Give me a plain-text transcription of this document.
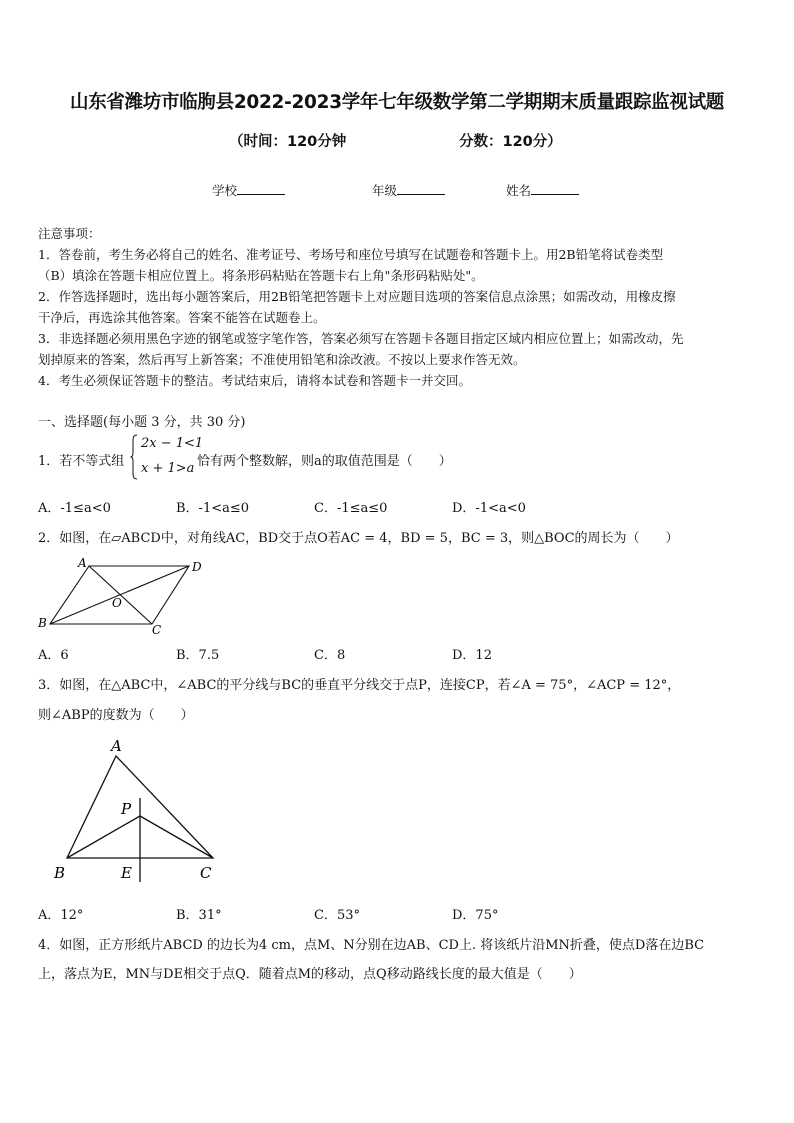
山东省潍坊市临朐县2022-2023学年七年级数学第二学期期末质量跟踪监视试题
（时间：120分钟	分数：120分）
学校	年级	姓名

注意事项：

1．答卷前，考生务必将自己的姓名、准考证号、考场号和座位号填写在试题卷和答题卡上。用2B铅笔将试卷类型

（B）填涂在答题卡相应位置上。将条形码粘贴在答题卡右上角"条形码粘贴处"。

2．作答选择题时，选出每小题答案后，用2B铅笔把答题卡上对应题目选项的答案信息点涂黑；如需改动，用橡皮擦

干净后，再选涂其他答案。答案不能答在试题卷上。

3．非选择题必须用黑色字迹的钢笔或签字笔作答，答案必须写在答题卡各题目指定区域内相应位置上；如需改动，先

划掉原来的答案，然后再写上新答案；不准使用铅笔和涂改液。不按以上要求作答无效。

4．考生必须保证答题卡的整洁。考试结束后，请将本试卷和答题卡一并交回。

一、选择题(每小题 3 分，共 30 分)
1．若不等式组
2x − 1<1
x + 1>a 恰有两个整数解，则a的取值范围是（　　）
A．-1≤a<0	B．-1<a≤0	C．-1≤a≤0	D．-1<a<0
2．如图，在▱ABCD中，对角线AC，BD交于点O若AC = 4，BD = 5，BC = 3，则△BOC的周长为（　　）
A	D
B	C
O
A．6	B．7.5	C．8	D．12
3．如图，在△ABC中，∠ABC的平分线与BC的垂直平分线交于点P，连接CP，若∠A = 75°，∠ACP = 12°，
则∠ABP的度数为（　　）
A
P
B	E	C
A．12°	B．31°	C．53°	D．75°
4．如图，正方形纸片ABCD 的边长为4 cm，点M、N分别在边AB、CD上. 将该纸片沿MN折叠，使点D落在边BC
上，落点为E，MN与DE相交于点Q．随着点M的移动，点Q移动路线长度的最大值是（　　）
